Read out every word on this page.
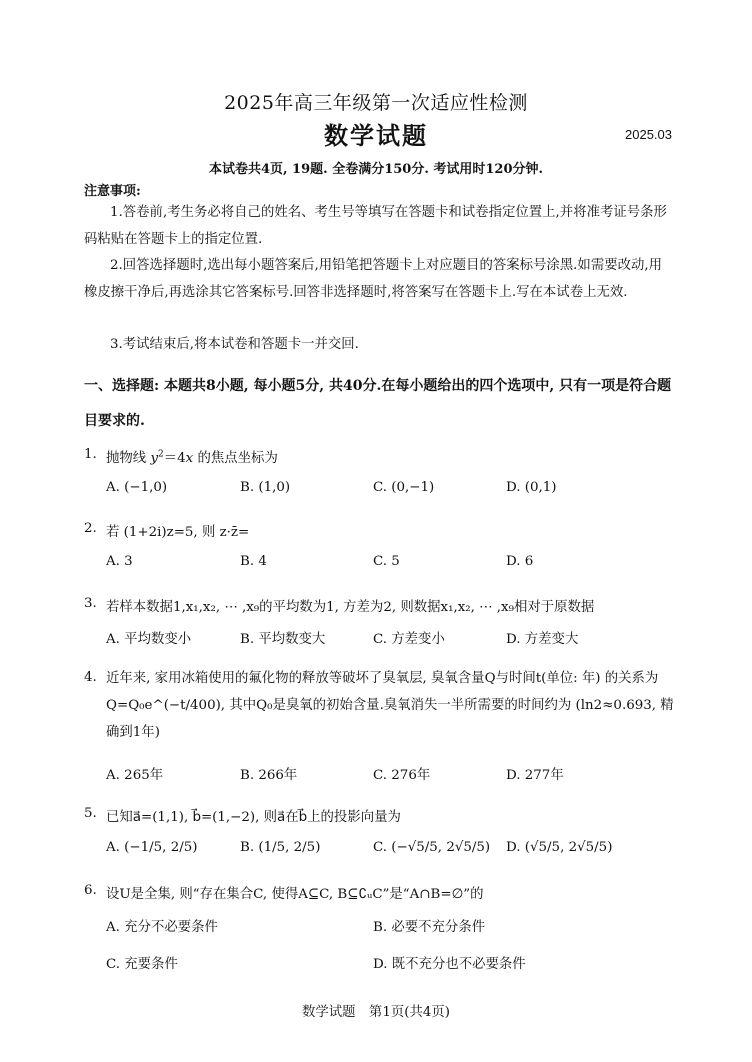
2025年高三年级第一次适应性检测
数学试题	2025.03
本试卷共4页, 19题. 全卷满分150分. 考试用时120分钟.
注意事项:
1.答卷前,考生务必将自己的姓名、考生号等填写在答题卡和试卷指定位置上,并将准考证号条形码粘贴在答题卡上的指定位置.
2.回答选择题时,选出每小题答案后,用铅笔把答题卡上对应题目的答案标号涂黑.如需要改动,用橡皮擦干净后,再选涂其它答案标号.回答非选择题时,将答案写在答题卡上.写在本试卷上无效.
3.考试结束后,将本试卷和答题卡一并交回.
一、选择题: 本题共8小题, 每小题5分, 共40分.在每小题给出的四个选项中, 只有一项是符合题目要求的.
1. 抛物线 $y^2=4x$ 的焦点坐标为
A. (−1,0)	B. (1,0)	C. (0,−1)	D. (0,1)
2. 若 (1+2i)z=5, 则 z·z̄=
A. 3	B. 4	C. 5	D. 6
3. 若样本数据1,x₁,x₂, ⋯ ,x₉的平均数为1, 方差为2, 则数据x₁,x₂, ⋯ ,x₉相对于原数据
A. 平均数变小	B. 平均数变大	C. 方差变小	D. 方差变大
4. 近年来, 家用冰箱使用的氟化物的释放等破坏了臭氧层, 臭氧含量Q与时间t(单位: 年) 的关系为 Q=Q₀e^(−t/400), 其中Q₀是臭氧的初始含量.臭氧消失一半所需要的时间约为 (ln2≈0.693, 精确到1年)
A. 265年	B. 266年	C. 276年	D. 277年
5. 已知a⃗=(1,1), b⃗=(1,−2), 则a⃗在b⃗上的投影向量为
A. (−1/5, 2/5)	B. (1/5, 2/5)	C. (−√5/5, 2√5/5) D. (√5/5, 2√5/5)
6. 设U是全集, 则“存在集合C, 使得A⊆C, B⊆∁ᵤC”是“A∩B=∅”的
A. 充分不必要条件	B. 必要不充分条件
C. 充要条件	D. 既不充分也不必要条件
数学试题　第1页(共4页)
